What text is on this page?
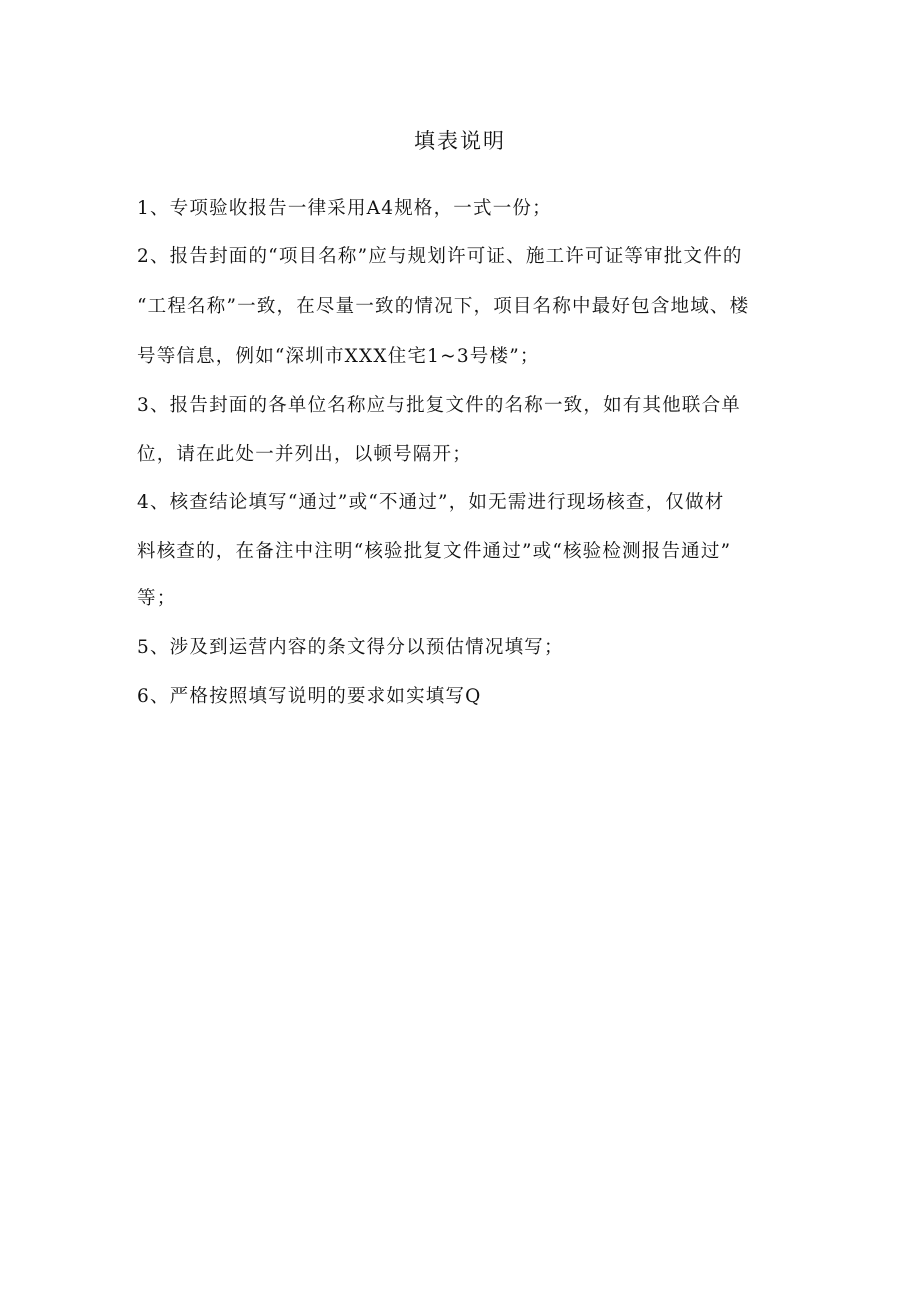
填表说明

1、专项验收报告一律采用A4规格，一式一份；

2、报告封面的“项目名称”应与规划许可证、施工许可证等审批文件的

“工程名称”一致，在尽量一致的情况下，项目名称中最好包含地域、楼

号等信息，例如“深圳市XXX住宅1~3号楼”；

3、报告封面的各单位名称应与批复文件的名称一致，如有其他联合单

位，请在此处一并列出，以顿号隔开；

4、核查结论填写“通过”或“不通过”，如无需进行现场核查，仅做材

料核查的，在备注中注明“核验批复文件通过”或“核验检测报告通过”

等；

5、涉及到运营内容的条文得分以预估情况填写；

6、严格按照填写说明的要求如实填写Q
